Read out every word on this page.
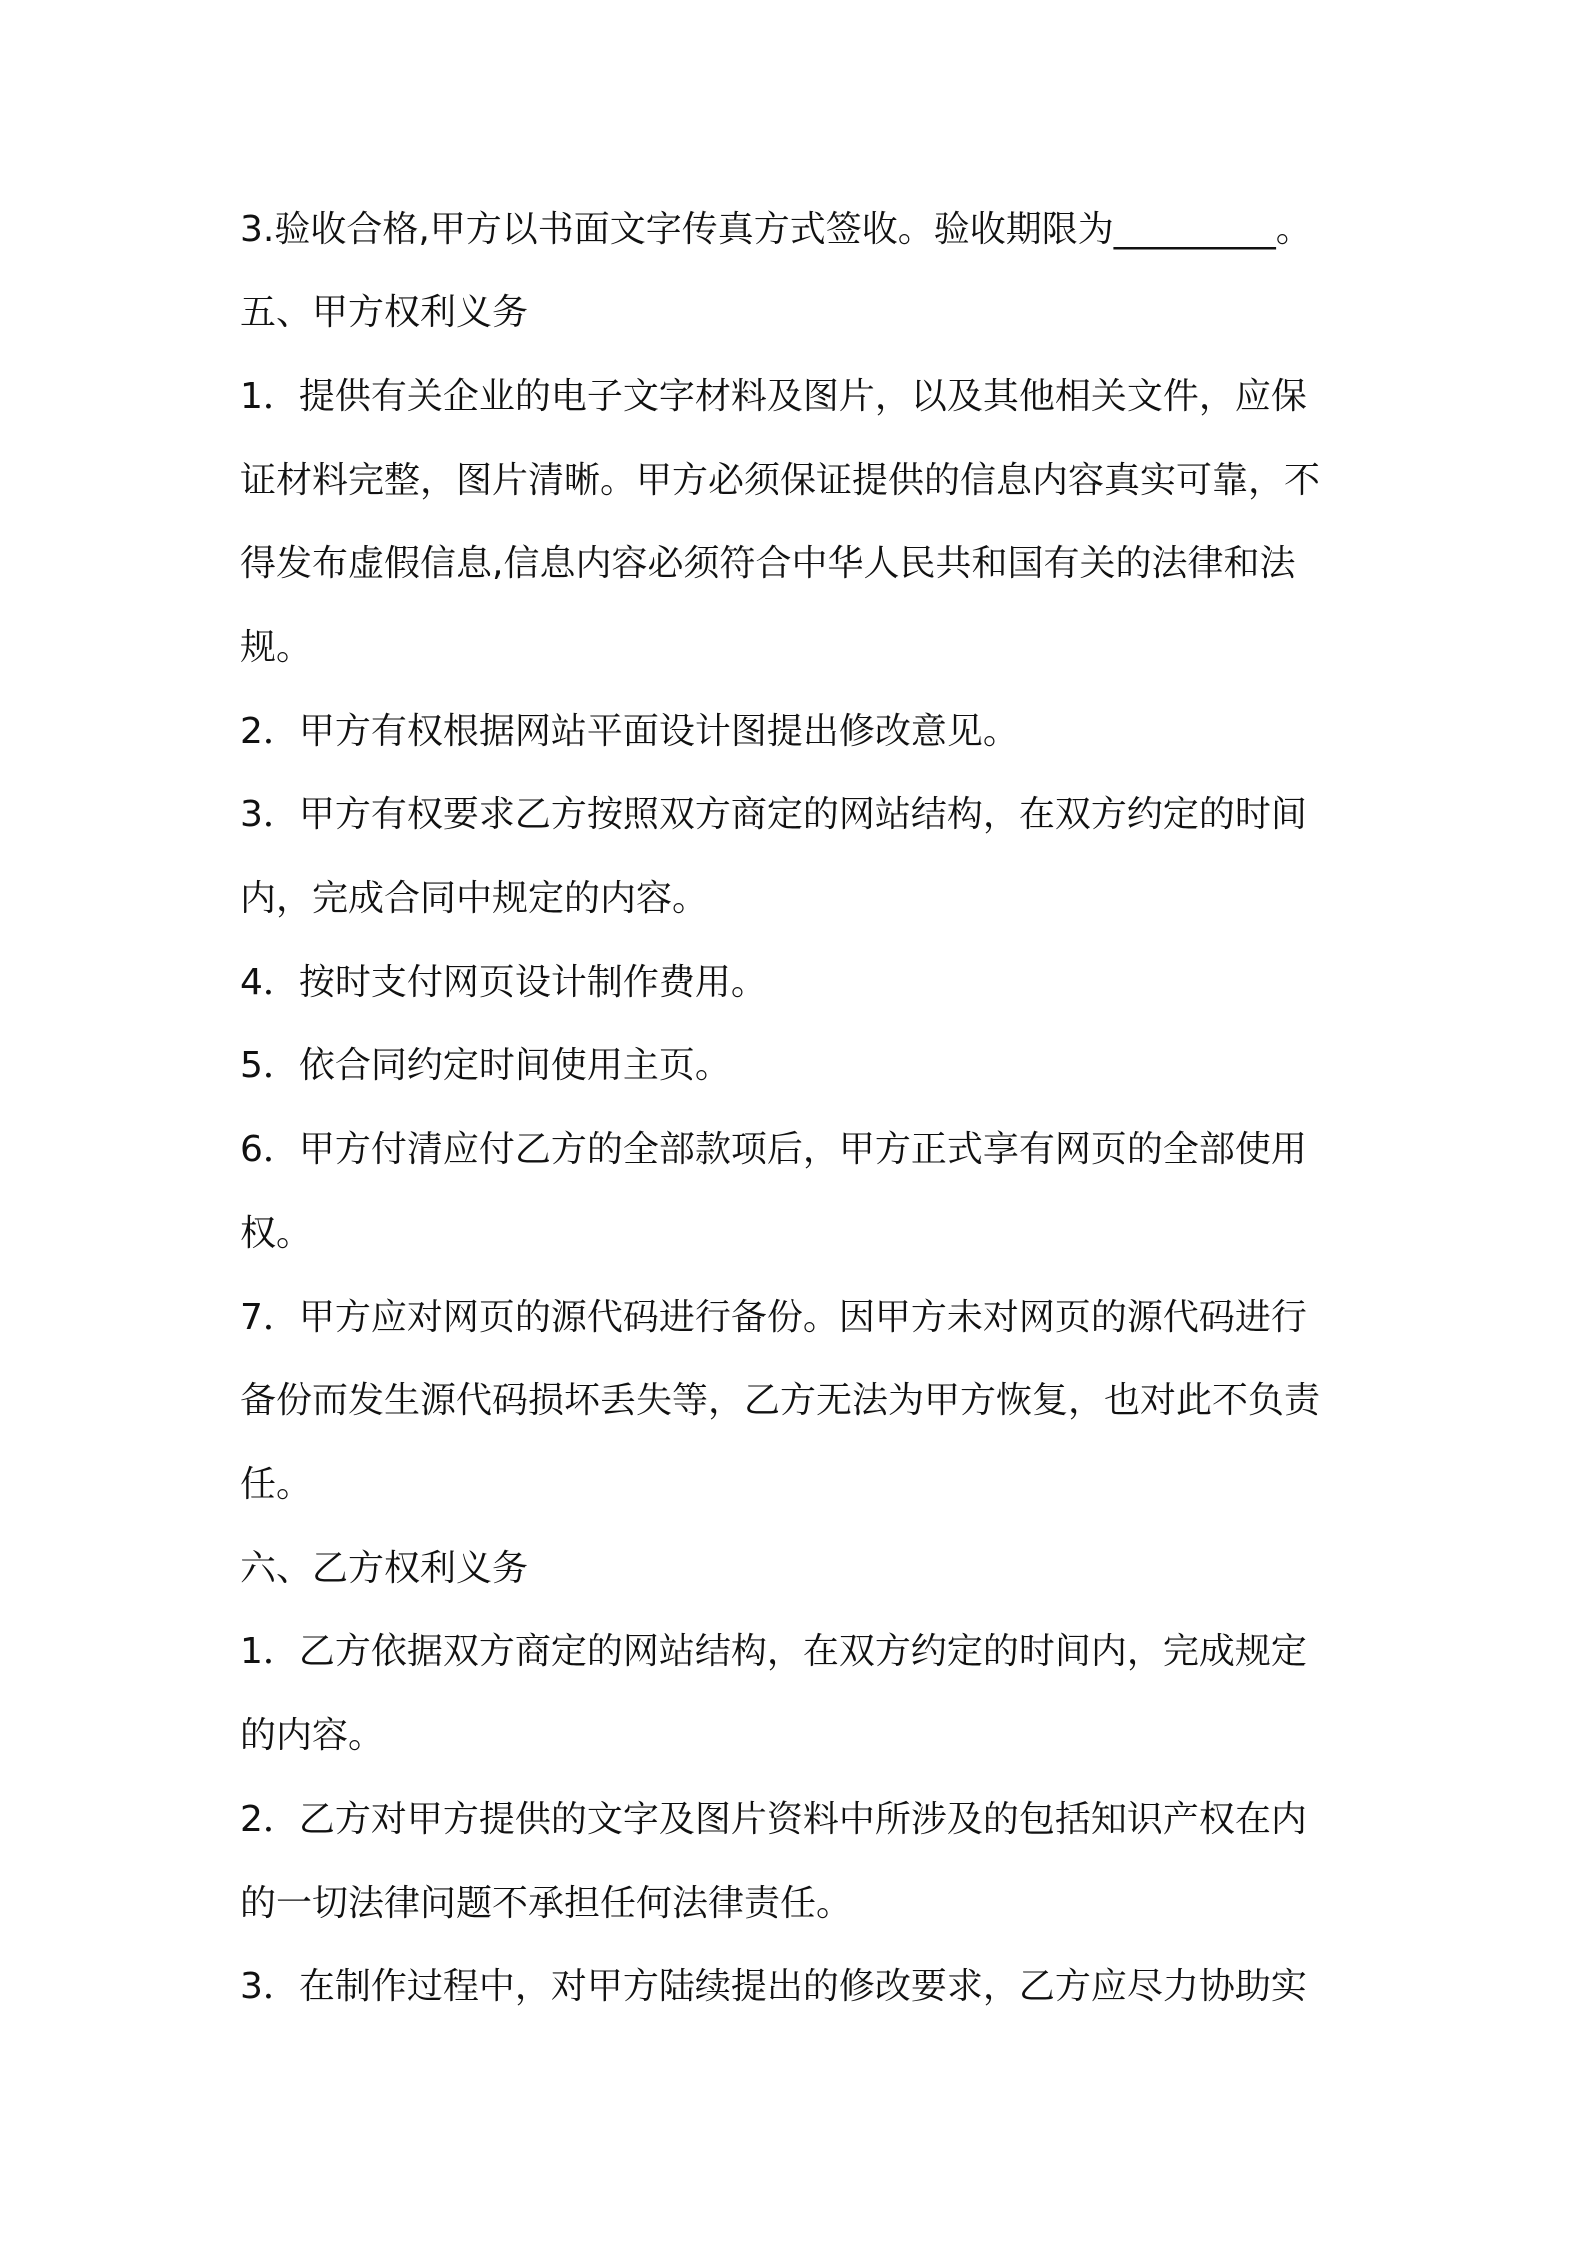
3.验收合格,甲方以书面文字传真方式签收。验收期限为_________。
五、甲方权利义务
1．提供有关企业的电子文字材料及图片，以及其他相关文件，应保
证材料完整，图片清晰。甲方必须保证提供的信息内容真实可靠，不
得发布虚假信息,信息内容必须符合中华人民共和国有关的法律和法
规。
2．甲方有权根据网站平面设计图提出修改意见。
3．甲方有权要求乙方按照双方商定的网站结构，在双方约定的时间
内，完成合同中规定的内容。
4．按时支付网页设计制作费用。
5．依合同约定时间使用主页。
6．甲方付清应付乙方的全部款项后，甲方正式享有网页的全部使用
权。
7．甲方应对网页的源代码进行备份。因甲方未对网页的源代码进行
备份而发生源代码损坏丢失等，乙方无法为甲方恢复，也对此不负责
任。
六、乙方权利义务
1．乙方依据双方商定的网站结构，在双方约定的时间内，完成规定
的内容。
2．乙方对甲方提供的文字及图片资料中所涉及的包括知识产权在内
的一切法律问题不承担任何法律责任。
3．在制作过程中，对甲方陆续提出的修改要求，乙方应尽力协助实
